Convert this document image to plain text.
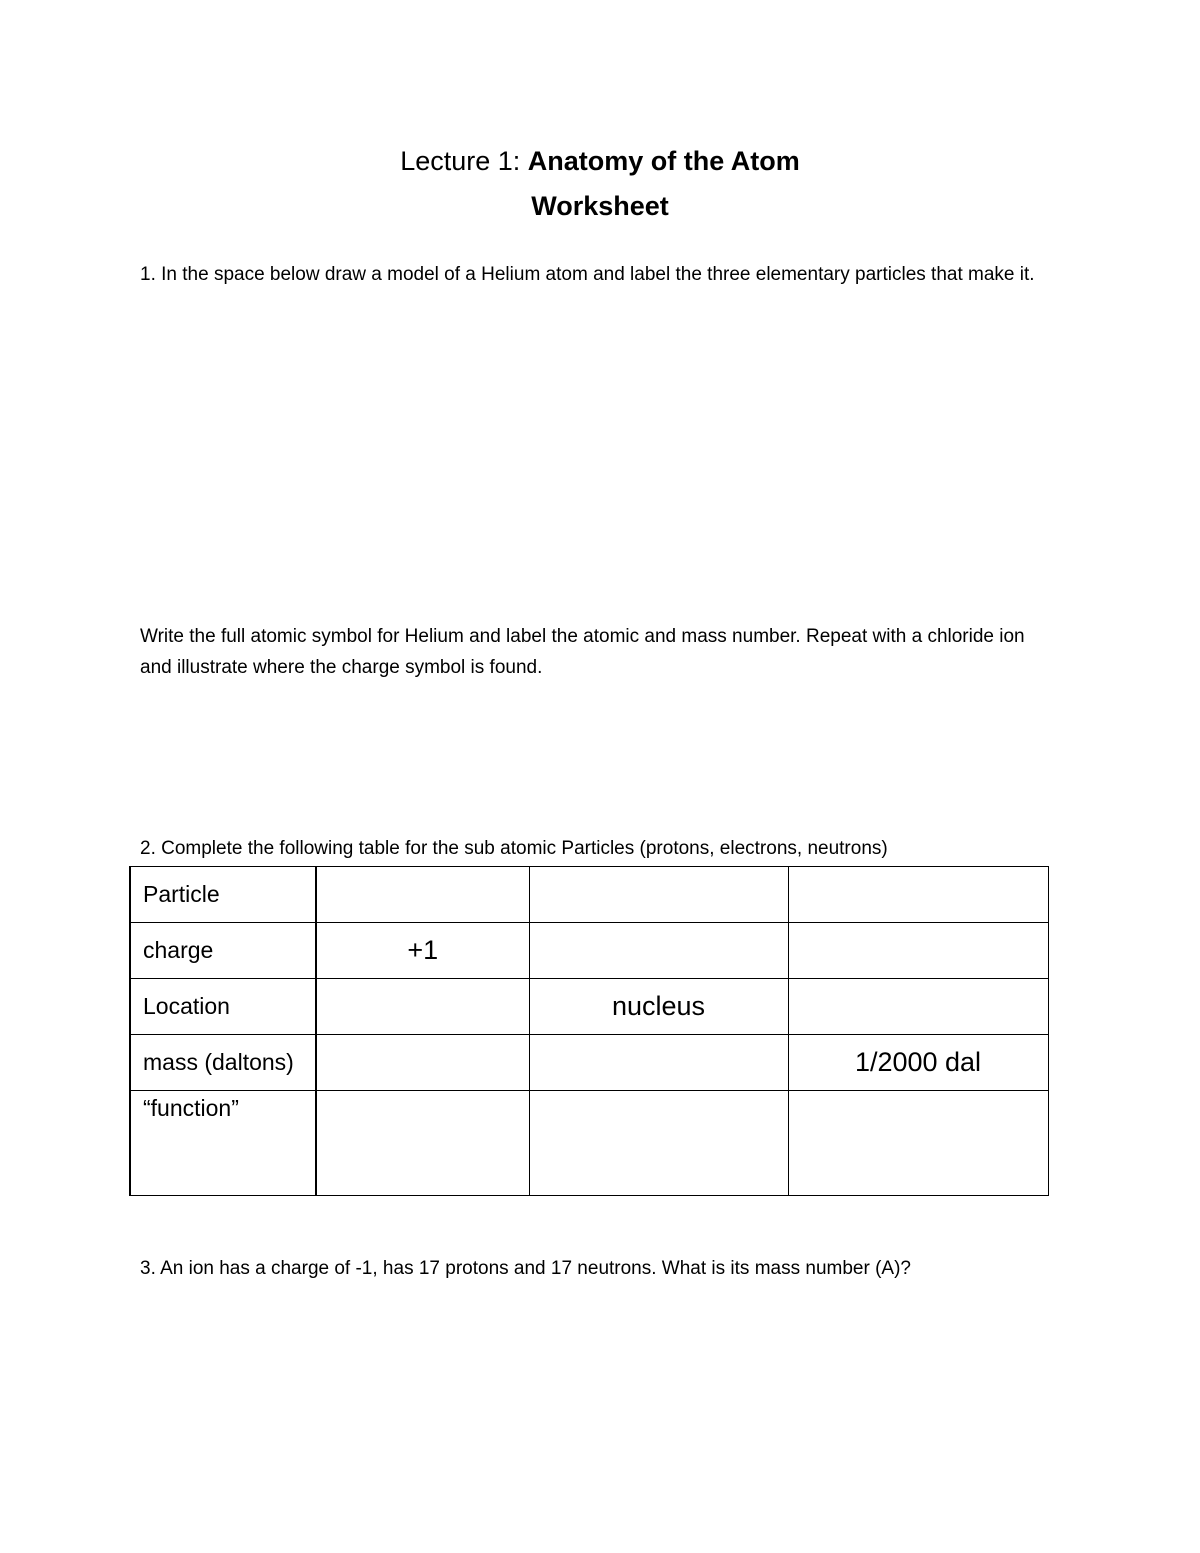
Lecture 1: Anatomy of the Atom
Worksheet
1. In the space below draw a model of a Helium atom and label the three elementary particles that make it.
Write the full atomic symbol for Helium and label the atomic and mass number. Repeat with a chloride ion and illustrate where the charge symbol is found.
2. Complete the following table for the sub atomic Particles (protons, electrons, neutrons)
Particle			
charge	+1		
Location		nucleus	
mass (daltons)			1/2000 dal
“function”			
3. An ion has a charge of -1, has 17 protons and 17 neutrons. What is its mass number (A)?
